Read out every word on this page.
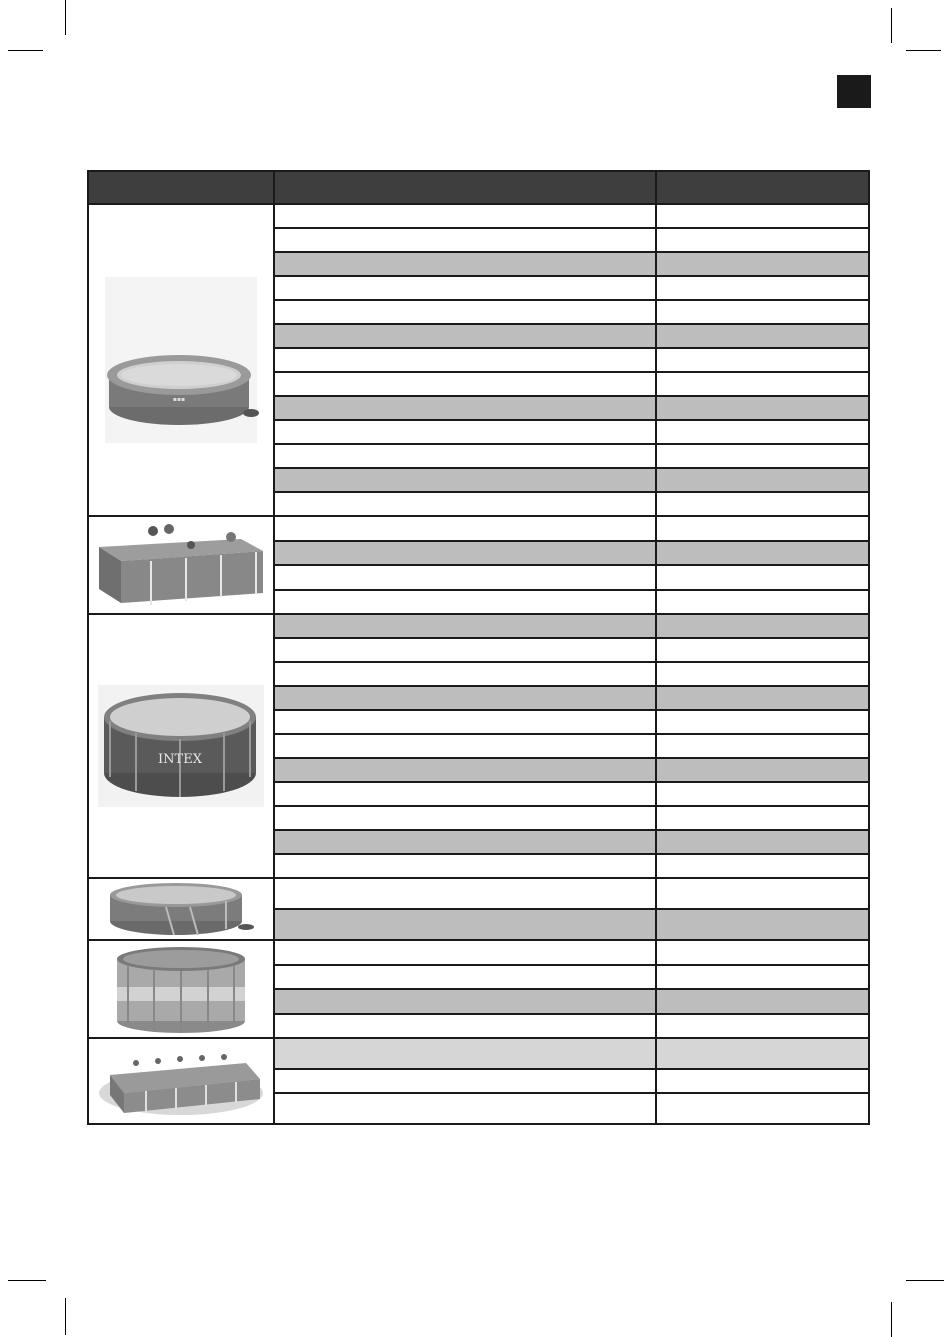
▪▪▪		

INTEX		
